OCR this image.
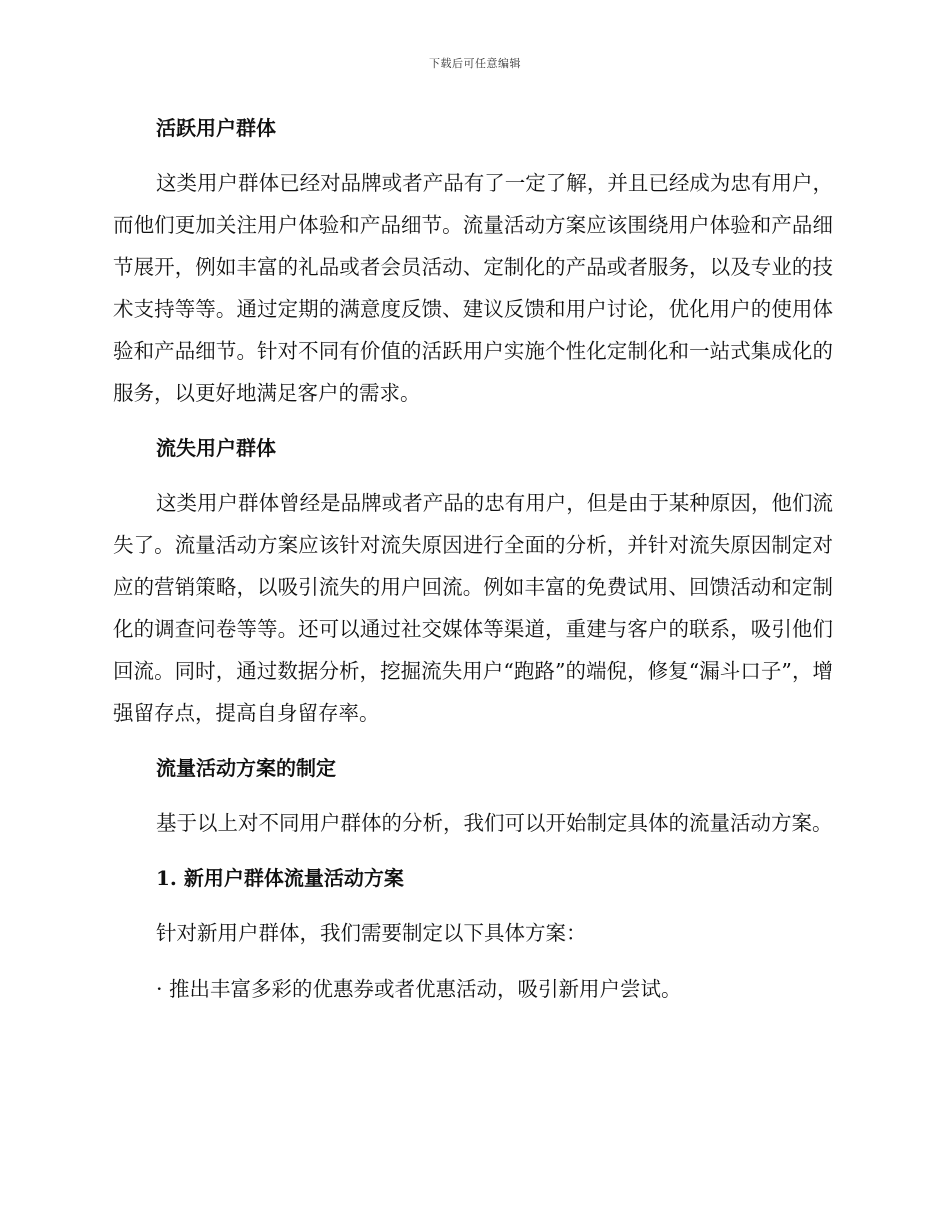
下载后可任意编辑
活跃用户群体

这类用户群体已经对品牌或者产品有了一定了解，并且已经成为忠有用户，而他们更加关注用户体验和产品细节。流量活动方案应该围绕用户体验和产品细节展开，例如丰富的礼品或者会员活动、定制化的产品或者服务，以及专业的技术支持等等。通过定期的满意度反馈、建议反馈和用户讨论，优化用户的使用体验和产品细节。针对不同有价值的活跃用户实施个性化定制化和一站式集成化的服务，以更好地满足客户的需求。

流失用户群体

这类用户群体曾经是品牌或者产品的忠有用户，但是由于某种原因，他们流失了。流量活动方案应该针对流失原因进行全面的分析，并针对流失原因制定对应的营销策略，以吸引流失的用户回流。例如丰富的免费试用、回馈活动和定制化的调查问卷等等。还可以通过社交媒体等渠道，重建与客户的联系，吸引他们回流。同时，通过数据分析，挖掘流失用户“跑路”的端倪，修复“漏斗口子”，增强留存点，提高自身留存率。

流量活动方案的制定

基于以上对不同用户群体的分析，我们可以开始制定具体的流量活动方案。

1. 新用户群体流量活动方案

针对新用户群体，我们需要制定以下具体方案：

· 推出丰富多彩的优惠券或者优惠活动，吸引新用户尝试。
